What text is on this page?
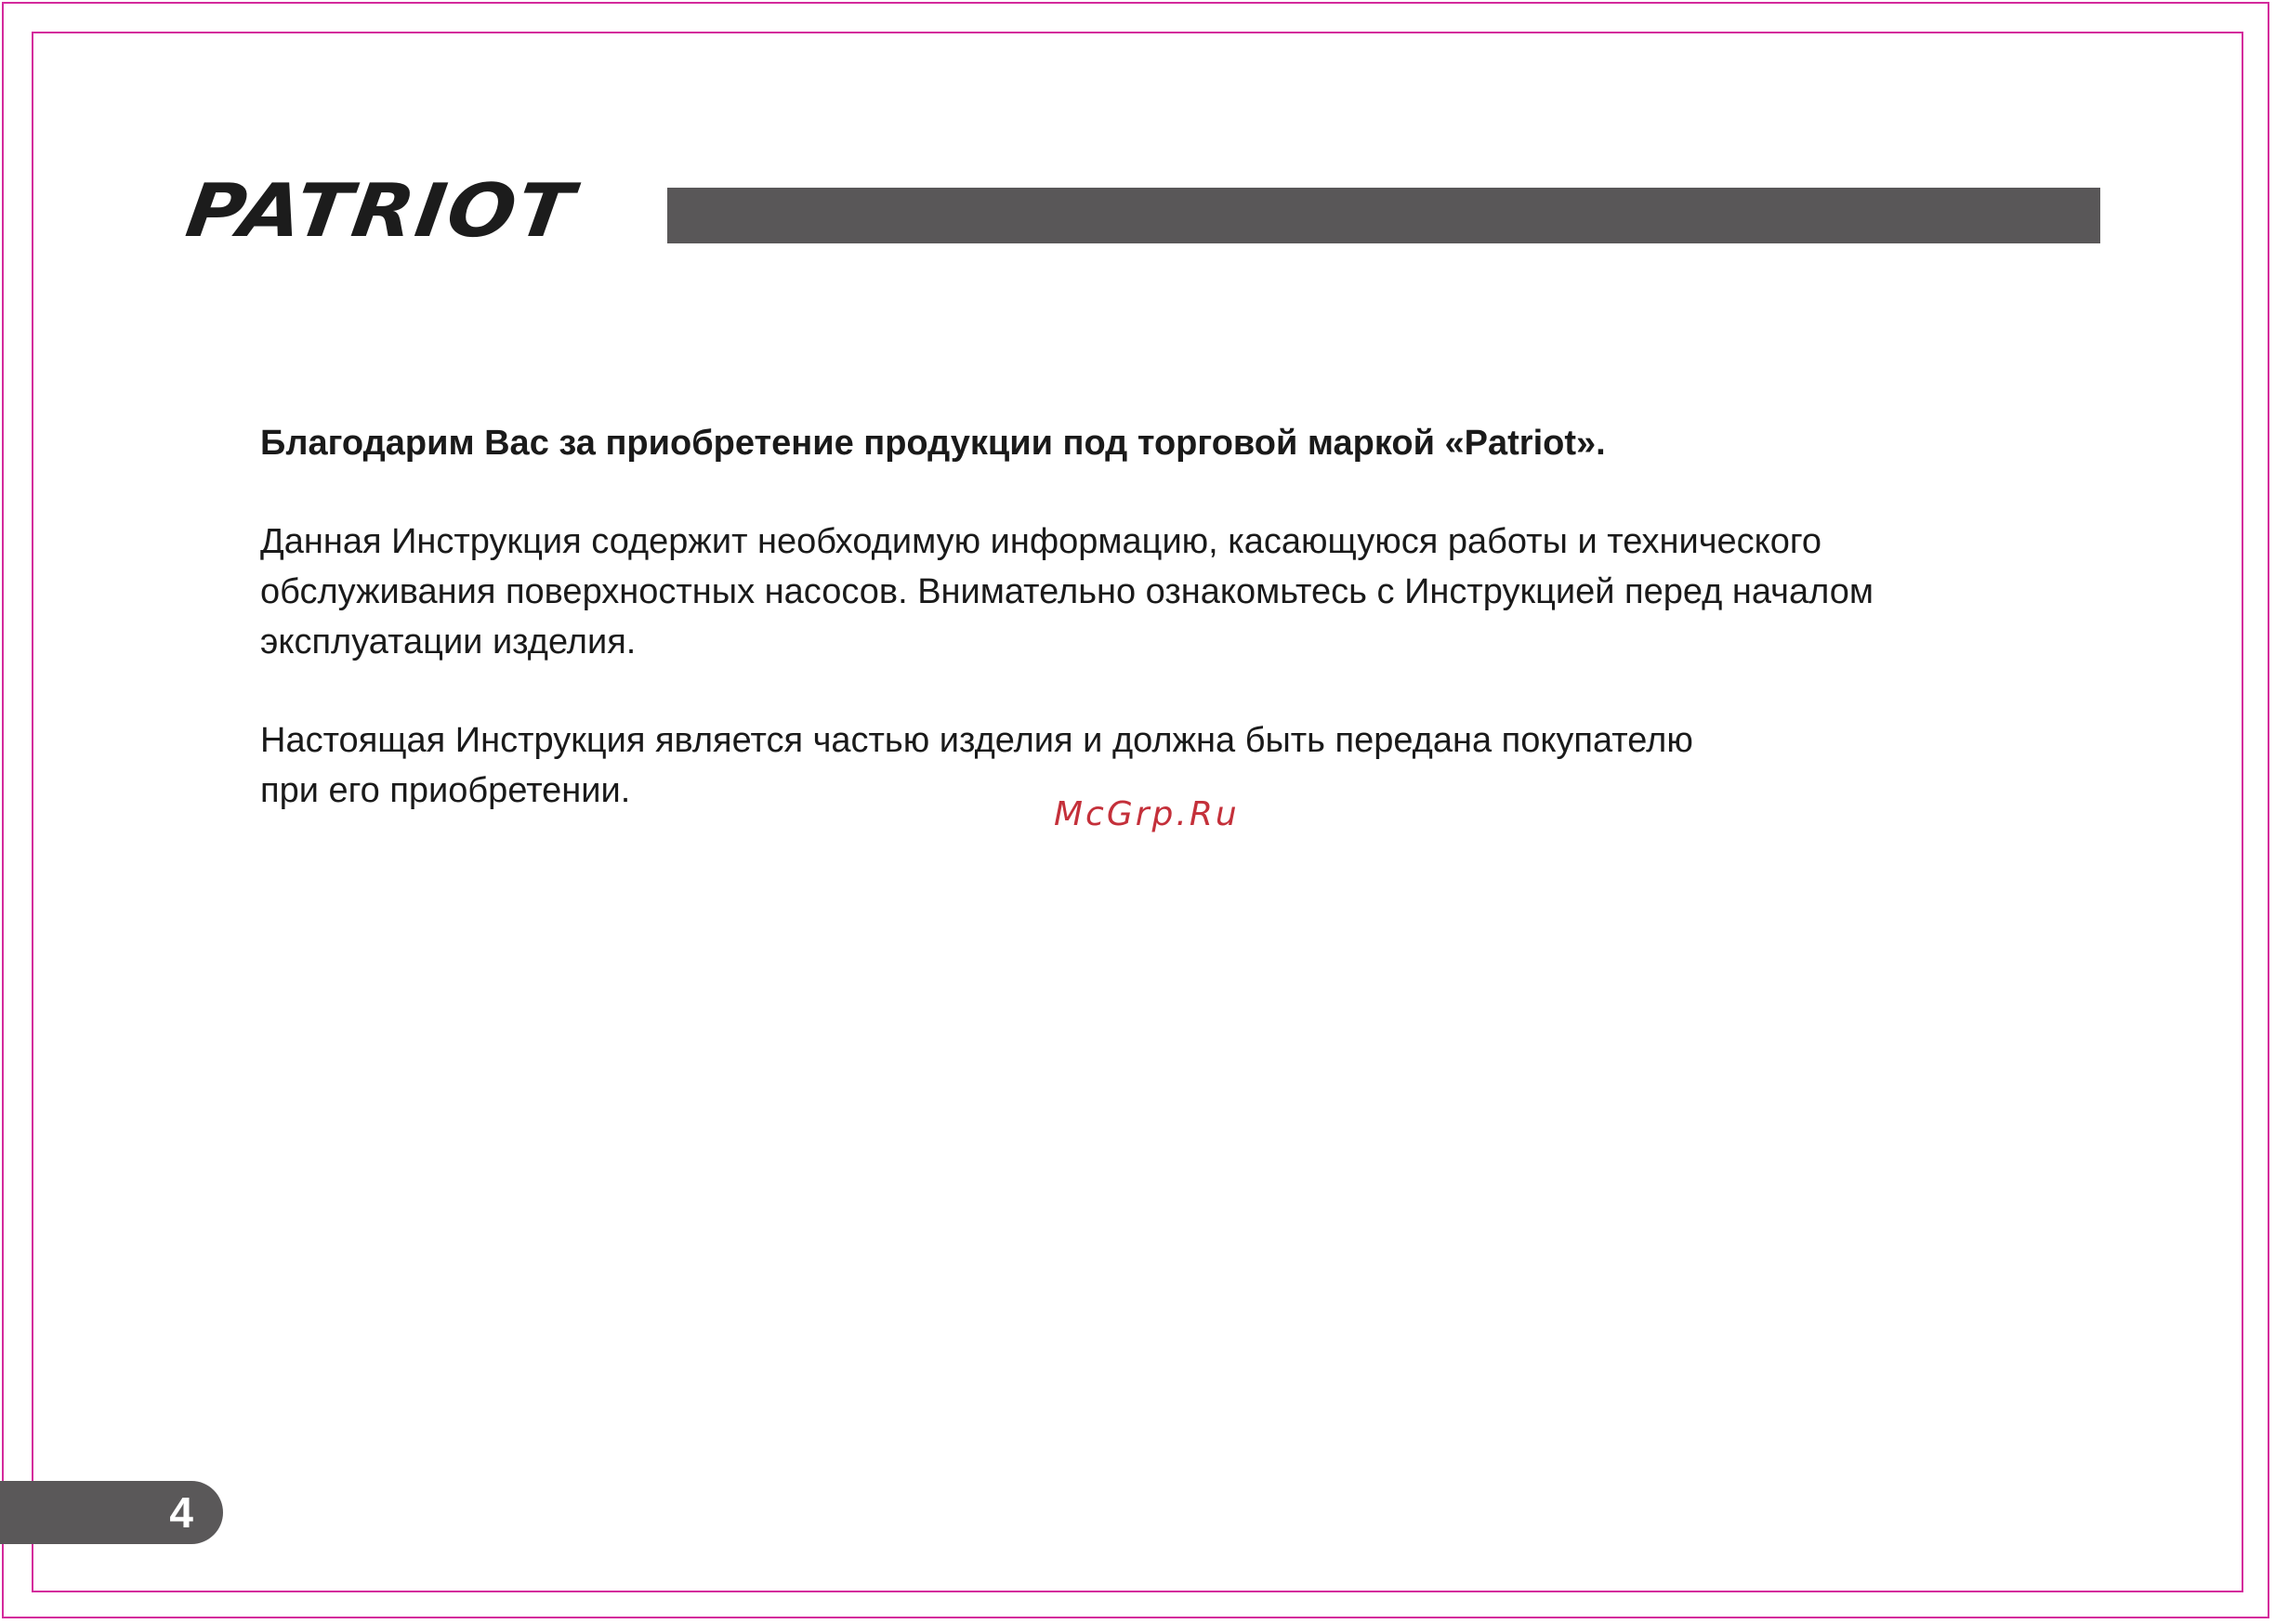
PATRIOT

Благодарим Вас за приобретение продукции под торговой маркой «Patriot».

Данная Инструкция содержит необходимую информацию, касающуюся работы и технического
обслуживания поверхностных насосов. Внимательно ознакомьтесь с Инструкцией перед началом
эксплуатации изделия.

Настоящая Инструкция является частью изделия и должна быть передана покупателю
при его приобретении.

McGrp.Ru
4
